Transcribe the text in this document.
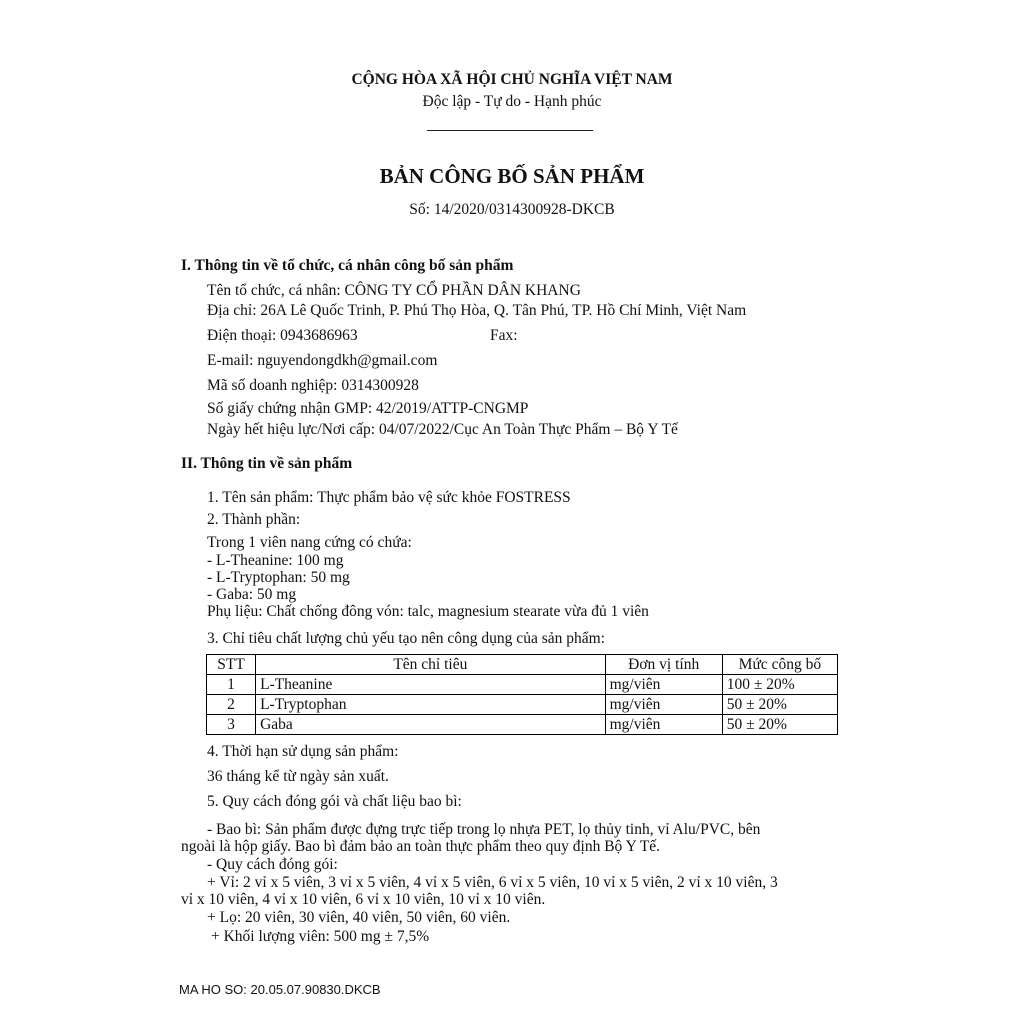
CỘNG HÒA XÃ HỘI CHỦ NGHĨA VIỆT NAM
Độc lập - Tự do - Hạnh phúc
BẢN CÔNG BỐ SẢN PHẨM
Số: 14/2020/0314300928-DKCB
I. Thông tin về tổ chức, cá nhân công bố sản phẩm
Tên tổ chức, cá nhân: CÔNG TY CỔ PHẦN DÂN KHANG
Địa chỉ: 26A Lê Quốc Trinh, P. Phú Thọ Hòa, Q. Tân Phú, TP. Hồ Chí Minh, Việt Nam
Điện thoại: 0943686963	Fax:
E-mail: nguyendongdkh@gmail.com
Mã số doanh nghiệp: 0314300928
Số giấy chứng nhận GMP: 42/2019/ATTP-CNGMP
Ngày hết hiệu lực/Nơi cấp: 04/07/2022/Cục An Toàn Thực Phẩm – Bộ Y Tế
II. Thông tin về sản phẩm
1. Tên sản phẩm: Thực phẩm bảo vệ sức khỏe FOSTRESS
2. Thành phần:
Trong 1 viên nang cứng có chứa:
- L-Theanine: 100 mg
- L-Tryptophan: 50 mg
- Gaba: 50 mg
Phụ liệu: Chất chống đông vón: talc, magnesium stearate vừa đủ 1 viên
3. Chỉ tiêu chất lượng chủ yếu tạo nên công dụng của sản phẩm:
STT	Tên chỉ tiêu	Đơn vị tính	Mức công bố
1	L-Theanine	mg/viên	100 ± 20%
2	L-Tryptophan	mg/viên	50 ± 20%
3	Gaba	mg/viên	50 ± 20%
4. Thời hạn sử dụng sản phẩm:
36 tháng kể từ ngày sản xuất.
5. Quy cách đóng gói và chất liệu bao bì:
- Bao bì: Sản phẩm được đựng trực tiếp trong lọ nhựa PET, lọ thủy tinh, vỉ Alu/PVC, bên
ngoài là hộp giấy. Bao bì đảm bảo an toàn thực phẩm theo quy định Bộ Y Tế.
- Quy cách đóng gói:
+ Vỉ: 2 vỉ x 5 viên, 3 vỉ x 5 viên, 4 vỉ x 5 viên, 6 vỉ x 5 viên, 10 vỉ x 5 viên, 2 vỉ x 10 viên, 3
vỉ x 10 viên, 4 vỉ x 10 viên, 6 vỉ x 10 viên, 10 vỉ x 10 viên.
+ Lọ: 20 viên, 30 viên, 40 viên, 50 viên, 60 viên.
+ Khối lượng viên: 500 mg ± 7,5%
MA HO SO: 20.05.07.90830.DKCB
